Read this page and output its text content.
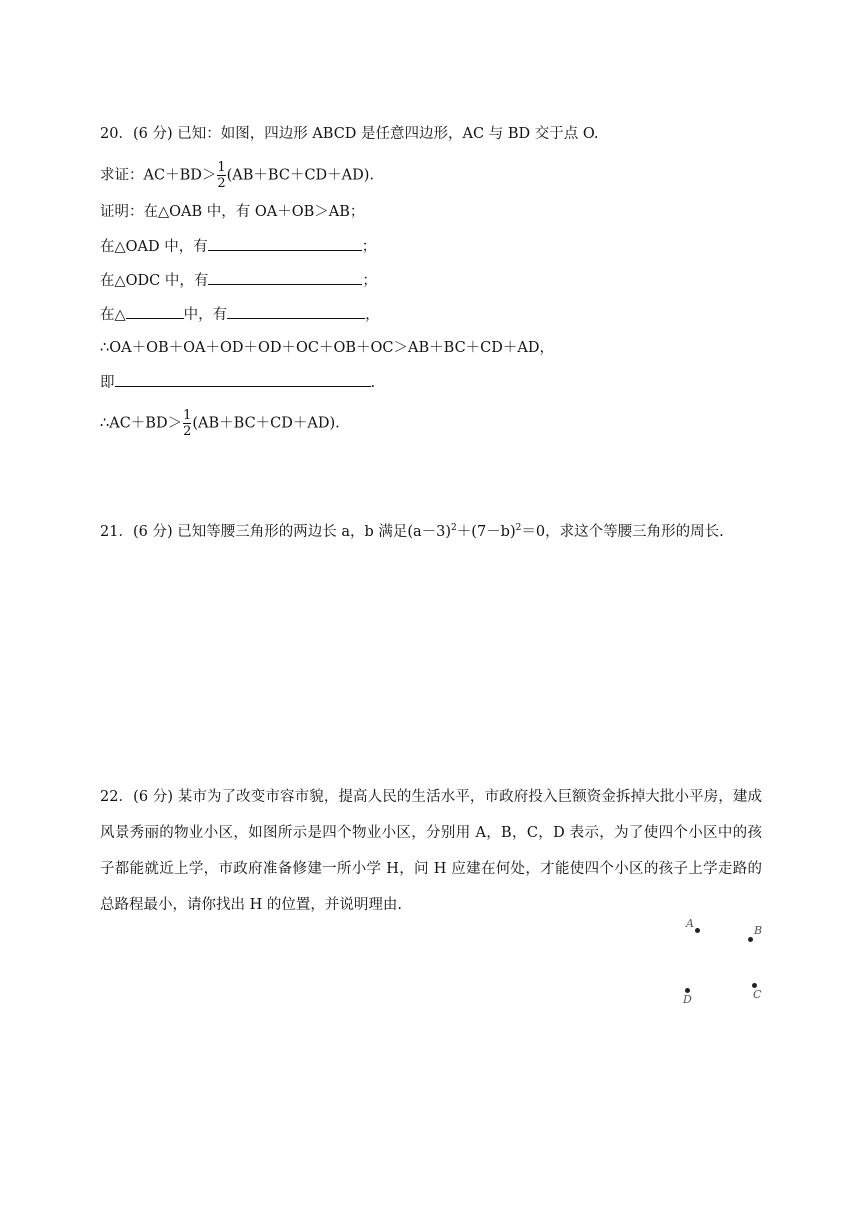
20．(6 分) 已知：如图，四边形 ABCD 是任意四边形，AC 与 BD 交于点 O.
求证：$AC+BD> \frac{1}{2} (AB+BC+CD+AD)$.
证明：在△OAB 中，有 OA＋OB＞AB；
在△OAD 中，有	；
在△ODC 中，有	；
在△	中，有	，
∴OA＋OB＋OA＋OD＋OD＋OC＋OB＋OC＞AB＋BC＋CD＋AD，
即	.
∴AC＋BD＞ $\frac{1}{2} (AB+BC+CD+AD)$.
21．(6 分) 已知等腰三角形的两边长 a，b 满足$(a-3)^2+(7-b)^2=0$，求这个等腰三角形的周长.
22．(6 分) 某市为了改变市容市貌，提高人民的生活水平，市政府投入巨额资金拆掉大批小平房，建成风景秀丽的物业小区，如图所示是四个物业小区，分别用 A，B，C，D 表示，为了使四个小区中的孩子都能就近上学，市政府准备修建一所小学 H，问 H 应建在何处，才能使四个小区的孩子上学走路的总路程最小，请你找出 H 的位置，并说明理由.
A
B
C
D
